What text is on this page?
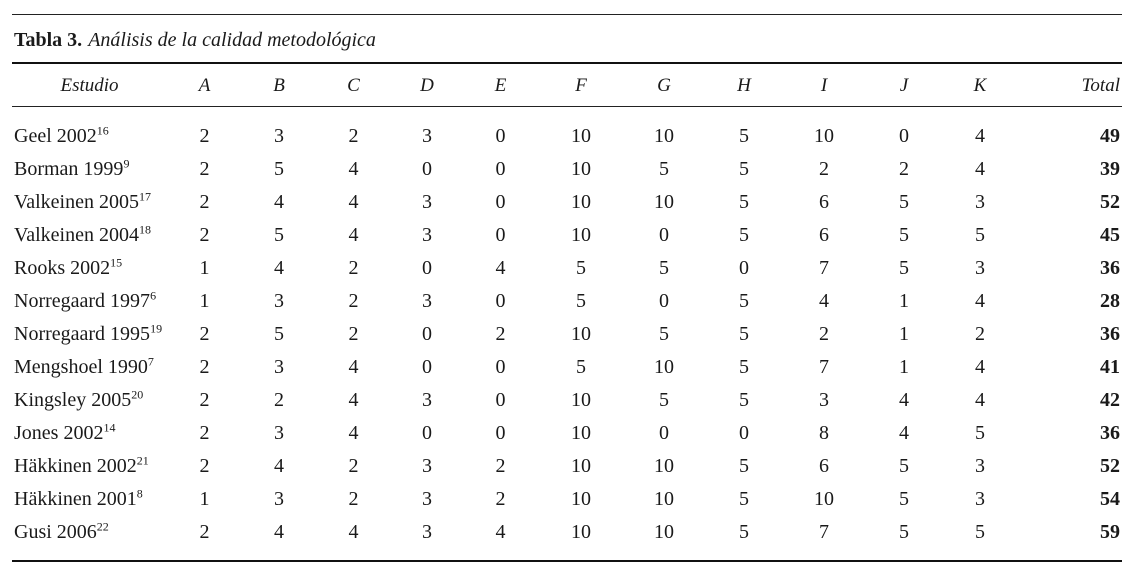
Tabla 3. Análisis de la calidad metodológica
Estudio	A	B	C	D	E	F	G	H	I	J	K	Total

Geel 2002$^{16}$	2	3	2	3	0	10	10	5	10	0	4	49
Borman 1999$^9$	2	5	4	0	0	10	5	5	2	2	4	39
Valkeinen 2005$^{17}$	2	4	4	3	0	10	10	5	6	5	3	52
Valkeinen 2004$^{18}$	2	5	4	3	0	10	0	5	6	5	5	45
Rooks 2002$^{15}$	1	4	2	0	4	5	5	0	7	5	3	36
Norregaard 1997$^6$	1	3	2	3	0	5	0	5	4	1	4	28
Norregaard 1995$^{19}$	2	5	2	0	2	10	5	5	2	1	2	36
Mengshoel 1990$^7$	2	3	4	0	0	5	10	5	7	1	4	41
Kingsley 2005$^{20}$	2	2	4	3	0	10	5	5	3	4	4	42
Jones 2002$^{14}$	2	3	4	0	0	10	0	0	8	4	5	36
Häkkinen 2002$^{21}$	2	4	2	3	2	10	10	5	6	5	3	52
Häkkinen 2001$^8$	1	3	2	3	2	10	10	5	10	5	3	54
Gusi 2006$^{22}$	2	4	4	3	4	10	10	5	7	5	5	59
